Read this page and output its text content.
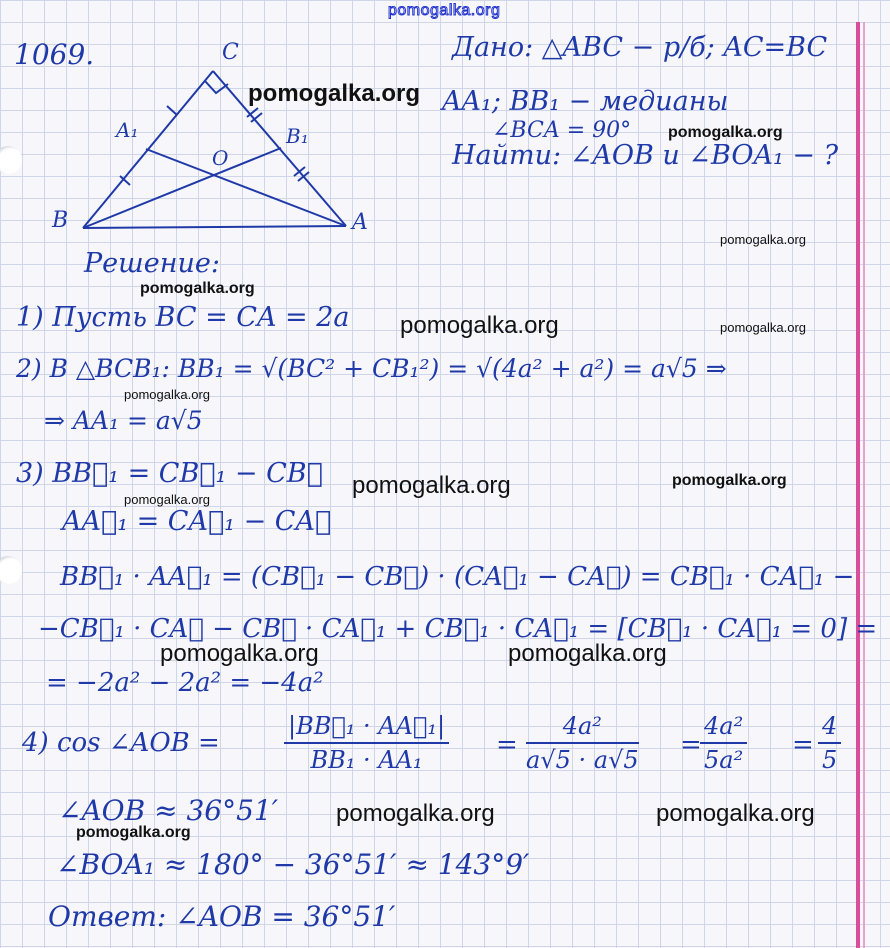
pomogalka.org
1069.	C
B	A
A₁	B₁
O
Дано: △ABC − р/б; AC=BC
AA₁; BB₁ − медианы
∠BCA = 90°
Найти: ∠AOB и ∠BOA₁ − ?
Решение:
1) Пусть BC = CA = 2a
2) В △BCB₁: BB₁ = √(BC² + CB₁²) = √(4a² + a²) = a√5 ⇒
⇒ AA₁ = a√5
3) BB⃗₁ = CB⃗₁ − CB⃗
AA⃗₁ = CA⃗₁ − CA⃗
BB⃗₁ · AA⃗₁ = (CB⃗₁ − CB⃗) · (CA⃗₁ − CA⃗) = CB⃗₁ · CA⃗₁ −
−CB⃗₁ · CA⃗ − CB⃗ · CA⃗₁ + CB⃗₁ · CA⃗₁ = [CB⃗₁ · CA⃗₁ = 0] =
= −2a² − 2a² = −4a²
4) cos ∠AOB =	$\frac{\text{|BB⃗₁ · AA⃗₁|}}{\text{BB₁ · AA₁}} = \frac{\text{4a²}}{a√5 \cdot a√5}$ =
$\frac{\text{4a²}}{\text{5a²}} = \frac{4}{5}$
∠AOB ≈ 36°51′
∠BOA₁ ≈ 180° − 36°51′ ≈ 143°9′
Ответ: ∠AOB = 36°51′
pomogalka.org
pomogalka.org
pomogalka.org
pomogalka.org
pomogalka.org	pomogalka.org
pomogalka.org
pomogalka.org	pomogalka.org
pomogalka.org
pomogalka.org	pomogalka.org
pomogalka.org	pomogalka.org
pomogalka.org
